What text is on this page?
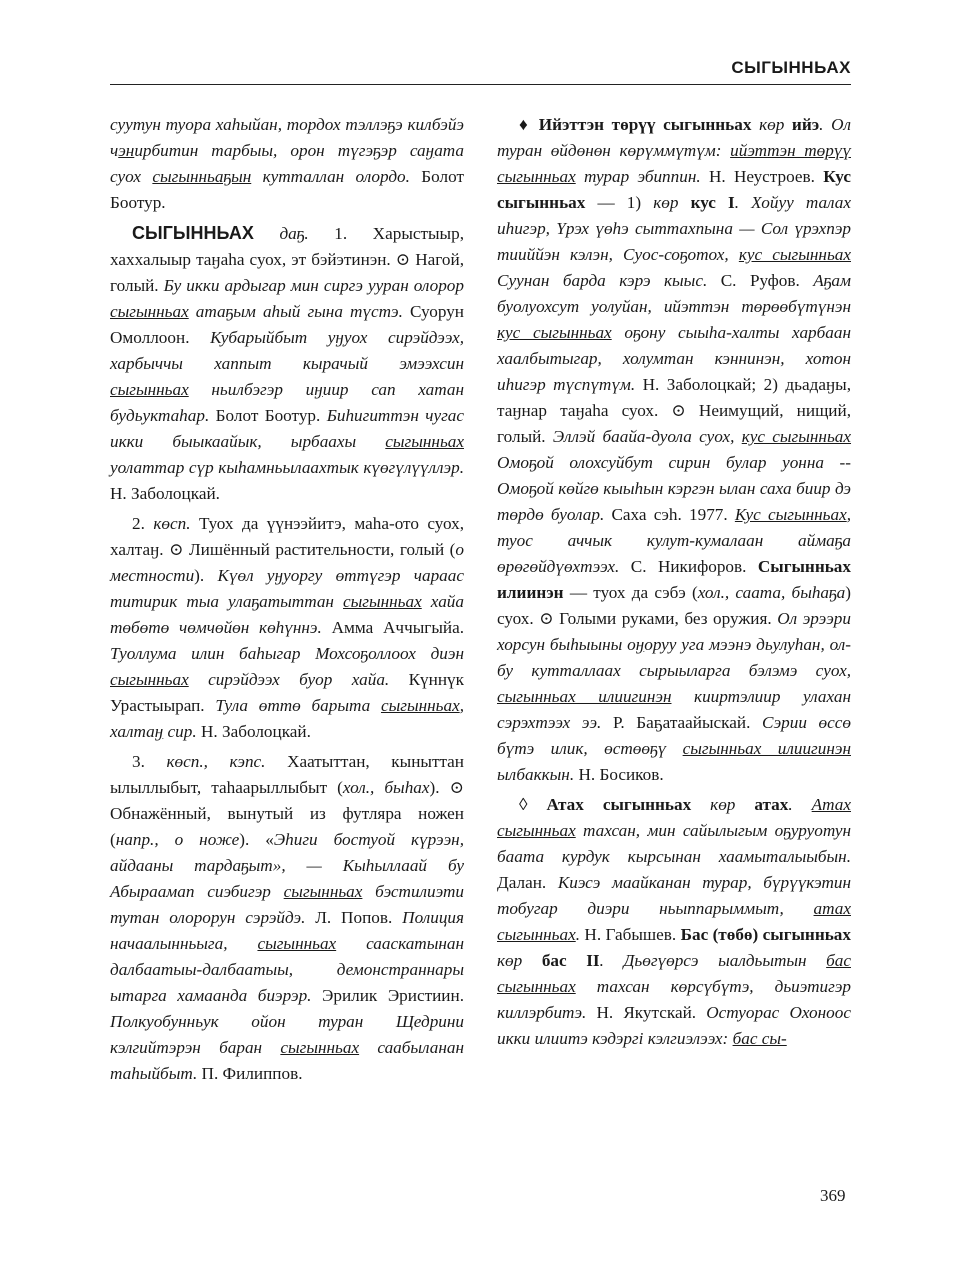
СЫГЫННЬАХ

суутун туора хаһыйан, тордох тэллэҕэ килбэйэ чэнирбитин тарбыы, орон түгэҕэр саӈата суох сыгынньаҕын кутталлан олордо. Болот Боотур.

СЫГЫННЬАХ даҕ. 1. Харыстыыр, хаххалыыр таӈаһа суох, эт бэйэтинэн. ⊙ Нагой, голый. Бу икки ардыгар мин сиргэ ууран олорор сыгынньах атаҕым аһый гына түстэ. Суорун Омоллоон. Кубарыйбыт уӈуох сирэйдээх, харбыччы хаппыт кырачый эмээхсин сыгынньах ньилбэгэр иӈиир сап хатан будьуктаһар. Болот Боотур. Биһигиттэн чугас икки быыкаайык, ырбаахы сыгынньах уолаттар сүр кыһамньылаахтык күөгүлүүллэр. Н. Заболоцкай.

2. көсп. Туох да үүнээйитэ, маһа-ото суох, халтаӈ. ⊙ Лишённый растительности, голый (о местности). Күөл уӈуоргу өттүгэр чараас титирик тыа улаҕатыттан сыгынньах хайа төбөтө чөмчөйөн көһүннэ. Амма Аччыгыйа. Туоллума илин баһыгар Мохсоҕоллоох диэн сыгынньах сирэйдээх буор хайа. Күннүк Урастыырап. Тула өттө барыта сыгынньах, халтаӈ сир. Н. Заболоцкай.

3. көсп., кэпс. Хаатыттан, кыныттан ылыллыбыт, таһаарыллыбыт (хол., быһах). ⊙ Обнажённый, вынутый из футляра ножен (напр., о ноже). «Эһиги бостуой күрээн, айдааны тардаҕыт», — Кыһыллаай бу Абыраамап сиэбигэр сыгынньах бэстилиэти тутан олорорун сэрэйдэ. Л. Попов. Полиция начаалынньыга, сыгынньах сааскатынан далбаатыы-далбаатыы, демонстраннары ытарга хамаанда биэрэр. Эрилик Эристиин. Полкуобунньук ойон туран Щедрини кэлгийтэрэн баран сыгынньах саабыланан таһыйбыт. П. Филиппов.

♦ Ийэттэн төрүү сыгынньах көр ийэ. Ол туран өйдөнөн көрүммүтүм: ийэттэн төрүү сыгынньах турар эбиппин. Н. Неустроев. Кус сыгынньах — 1) көр кус I. Хойуу талах иһигэр, Үрэх үөһэ сыттахпына — Сол үрэхпэр тииййэн кэлэн, Суос-соҕотох, кус сыгынньах Суунан барда кэрэ кыыс. С. Руфов. Аҕам буолуохсут уолуйан, ийэттэн төрөөбүтүнэн кус сыгынньах оҕону сыыһа-халты харбаан хаалбытыгар, холумтан кэннинэн, хотон иһигэр түспүтүм. Н. Заболоцкай; 2) дьадаӈы, таӈнар таӈаһа суох. ⊙ Неимущий, нищий, голый. Эллэй баайа-дуола суох, кус сыгынньах Омоҕой олохсуйбут сирин булар уонна -- Омоҕой көйгө кыыһын кэргэн ылан саха биир дэ төрдө буолар. Саха сэһ. 1977. Кус сыгынньах, туос аччык кулут-кумалаан аймаҕа өрөгөйдүөхтээх. С. Никифоров. Сыгынньах илиинэн — туох да сэбэ (хол., саата, быһаҕа) суох. ⊙ Голыми руками, без оружия. Ол эрээри хорсун быһыыны оӈоруу уга мээнэ дьулуһан, ол-бу кутталлаах сырыыларга бэлэмэ суох, сыгынньах илиигинэн кииртэлиир улахан сэрэхтээх ээ. Р. Баҕатаайыскай. Сэрии өссө бүтэ илик, өстөөҕү сыгынньах илиигинэн ылбаккын. Н. Босиков.

◊ Атах сыгынньах көр атах. Атах сыгынньах тахсан, мин сайылыгым оҕуруотун баата курдук кырсынан хаамыталыыбын. Далан. Киэсэ маайканан турар, бүрүүкэтин тобугар диэри ньыппарыммыт, атах сыгынньах. Н. Габышев. Бас (төбө) сыгынньах көр бас II. Дьөгүөрсэ ыалдьытын бас сыгынньах тахсан көрсүбүтэ, дьиэтигэр киллэрбитэ. Н. Якутскай. Остуорас Охоноос икки илиитэ кэдэргi кэлгиэлээх: бас сы-

369
